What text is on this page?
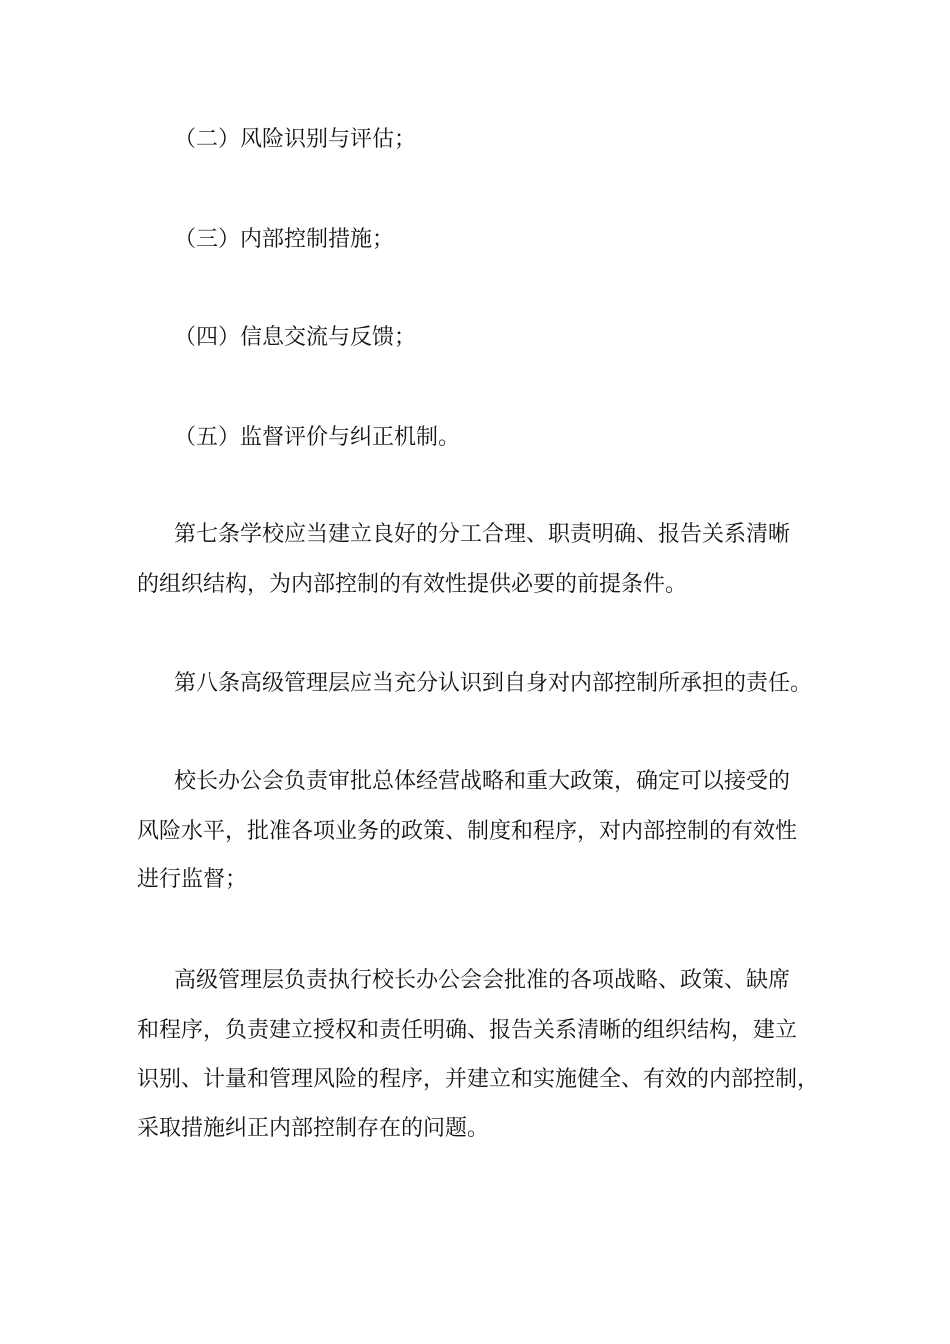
（二）风险识别与评估；

（三）内部控制措施；

（四）信息交流与反馈；

（五）监督评价与纠正机制。

第七条学校应当建立良好的分工合理、职责明确、报告关系清晰

的组织结构，为内部控制的有效性提供必要的前提条件。

第八条高级管理层应当充分认识到自身对内部控制所承担的责任。

校长办公会负责审批总体经营战略和重大政策，确定可以接受的

风险水平，批准各项业务的政策、制度和程序，对内部控制的有效性

进行监督；

高级管理层负责执行校长办公会会批准的各项战略、政策、缺席

和程序，负责建立授权和责任明确、报告关系清晰的组织结构，建立

识别、计量和管理风险的程序，并建立和实施健全、有效的内部控制，

采取措施纠正内部控制存在的问题。
